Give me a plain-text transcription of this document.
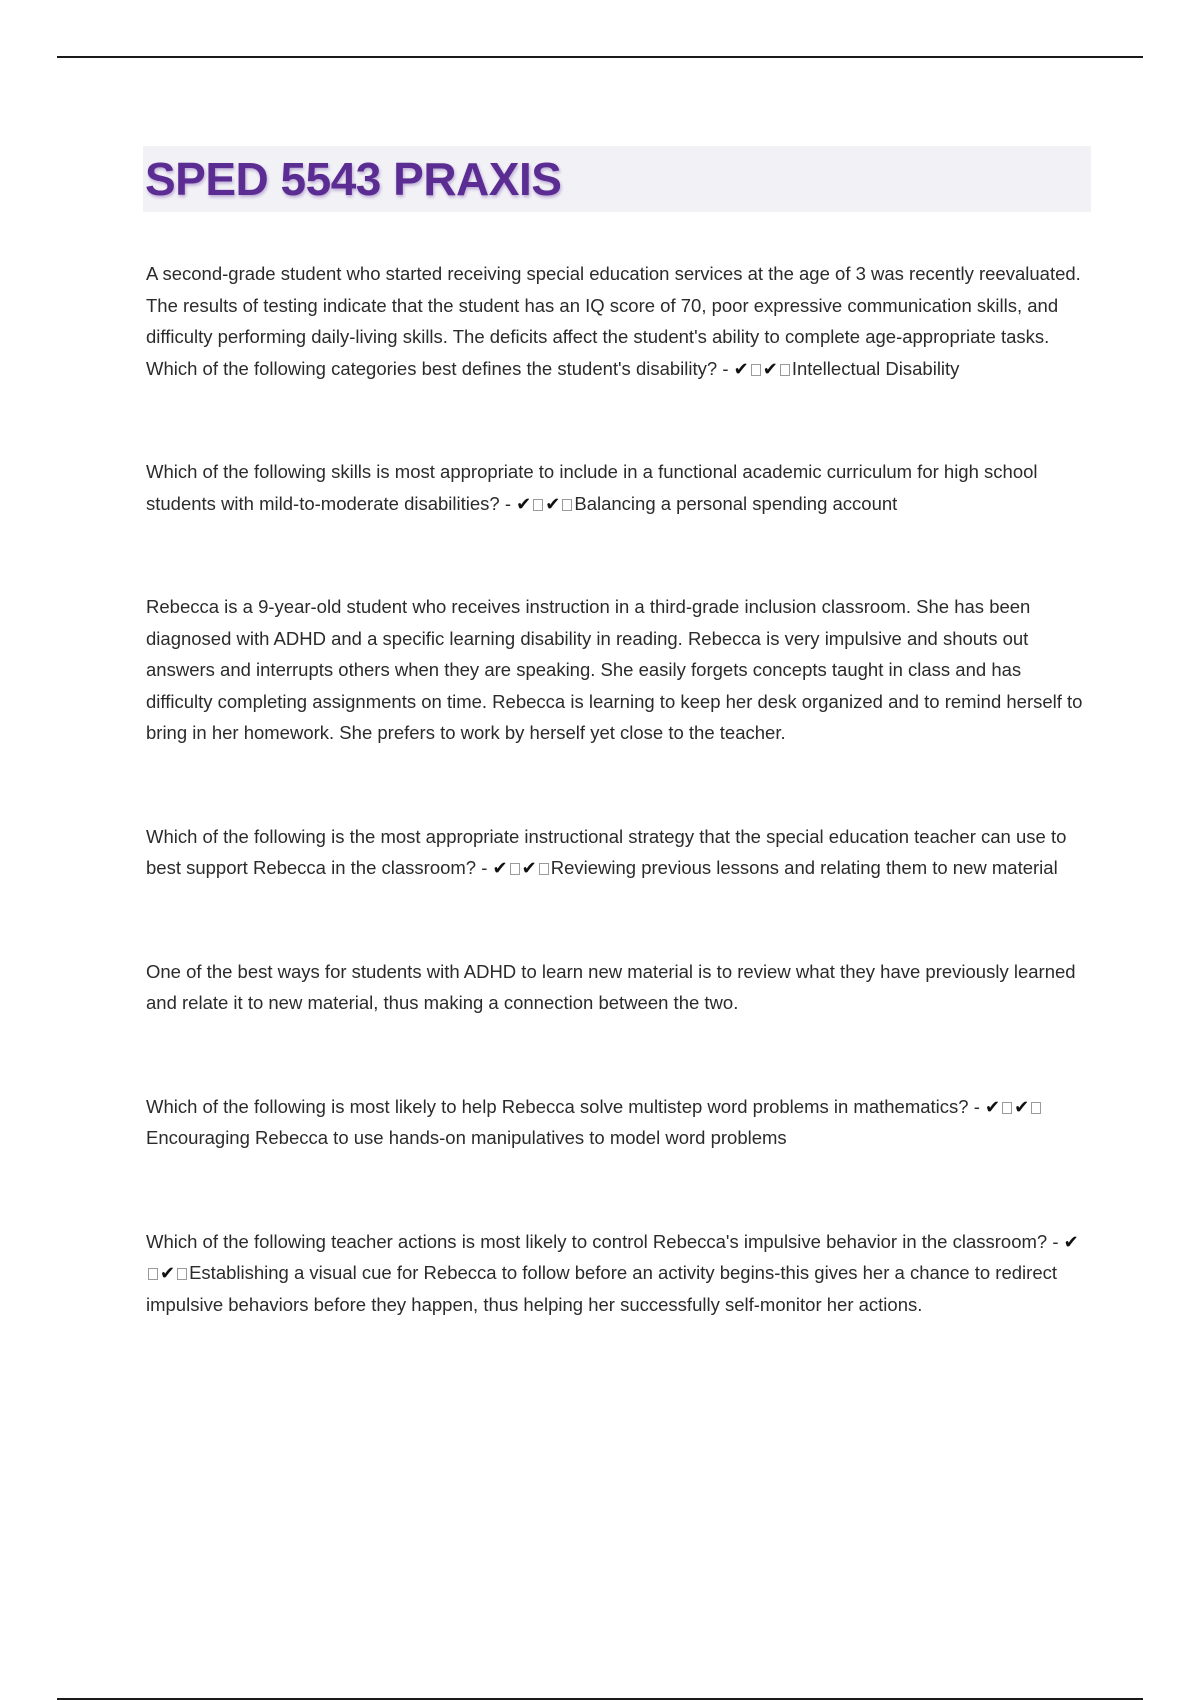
SPED 5543 PRAXIS

A second-grade student who started receiving special education services at the age of 3 was recently reevaluated. The results of testing indicate that the student has an IQ score of 70, poor expressive communication skills, and difficulty performing daily-living skills. The deficits affect the student's ability to complete age-appropriate tasks. Which of the following categories best defines the student's disability? - ✔ ✔ Intellectual Disability

Which of the following skills is most appropriate to include in a functional academic curriculum for high school students with mild-to-moderate disabilities? - ✔ ✔ Balancing a personal spending account

Rebecca is a 9-year-old student who receives instruction in a third-grade inclusion classroom. She has been diagnosed with ADHD and a specific learning disability in reading. Rebecca is very impulsive and shouts out answers and interrupts others when they are speaking. She easily forgets concepts taught in class and has difficulty completing assignments on time. Rebecca is learning to keep her desk organized and to remind herself to bring in her homework. She prefers to work by herself yet close to the teacher.

Which of the following is the most appropriate instructional strategy that the special education teacher can use to best support Rebecca in the classroom? - ✔ ✔ Reviewing previous lessons and relating them to new material

One of the best ways for students with ADHD to learn new material is to review what they have previously learned and relate it to new material, thus making a connection between the two.

Which of the following is most likely to help Rebecca solve multistep word problems in mathematics? - ✔ ✔Encouraging Rebecca to use hands-on manipulatives to model word problems

Which of the following teacher actions is most likely to control Rebecca's impulsive behavior in the classroom? - ✔✔ Establishing a visual cue for Rebecca to follow before an activity begins-this gives her a chance to redirect impulsive behaviors before they happen, thus helping her successfully self-monitor her actions.
